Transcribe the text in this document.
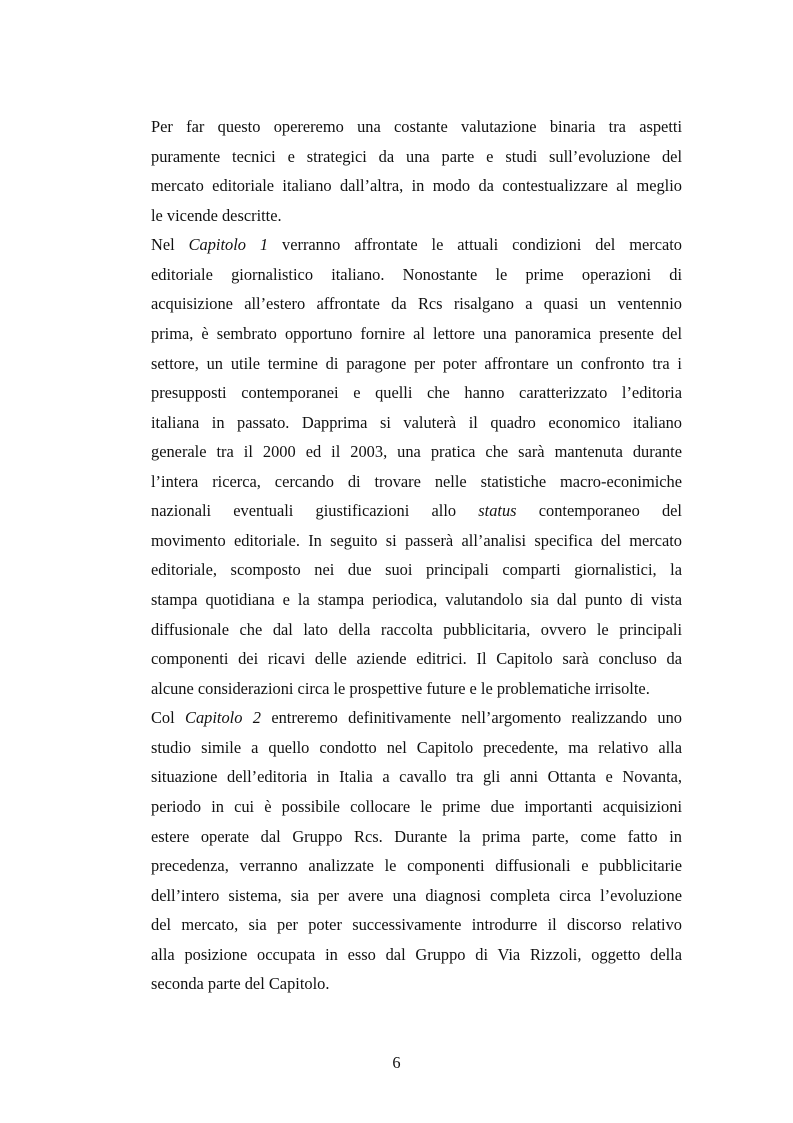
Per far questo opereremo una costante valutazione binaria tra aspetti
puramente tecnici e strategici da una parte e studi sull’evoluzione del
mercato editoriale italiano dall’altra, in modo da contestualizzare al meglio
le vicende descritte.
Nel Capitolo 1 verranno affrontate le attuali condizioni del mercato
editoriale giornalistico italiano. Nonostante le prime operazioni di
acquisizione all’estero affrontate da Rcs risalgano a quasi un ventennio
prima, è sembrato opportuno fornire al lettore una panoramica presente del
settore, un utile termine di paragone per poter affrontare un confronto tra i
presupposti contemporanei e quelli che hanno caratterizzato l’editoria
italiana in passato. Dapprima si valuterà il quadro economico italiano
generale tra il 2000 ed il 2003, una pratica che sarà mantenuta durante
l’intera ricerca, cercando di trovare nelle statistiche macro-econimiche
nazionali eventuali giustificazioni allo status contemporaneo del
movimento editoriale. In seguito si passerà all’analisi specifica del mercato
editoriale, scomposto nei due suoi principali comparti giornalistici, la
stampa quotidiana e la stampa periodica, valutandolo sia dal punto di vista
diffusionale che dal lato della raccolta pubblicitaria, ovvero le principali
componenti dei ricavi delle aziende editrici. Il Capitolo sarà concluso da
alcune considerazioni circa le prospettive future e le problematiche irrisolte.
Col Capitolo 2 entreremo definitivamente nell’argomento realizzando uno
studio simile a quello condotto nel Capitolo precedente, ma relativo alla
situazione dell’editoria in Italia a cavallo tra gli anni Ottanta e Novanta,
periodo in cui è possibile collocare le prime due importanti acquisizioni
estere operate dal Gruppo Rcs. Durante la prima parte, come fatto in
precedenza, verranno analizzate le componenti diffusionali e pubblicitarie
dell’intero sistema, sia per avere una diagnosi completa circa l’evoluzione
del mercato, sia per poter successivamente introdurre il discorso relativo
alla posizione occupata in esso dal Gruppo di Via Rizzoli, oggetto della
seconda parte del Capitolo.
6
